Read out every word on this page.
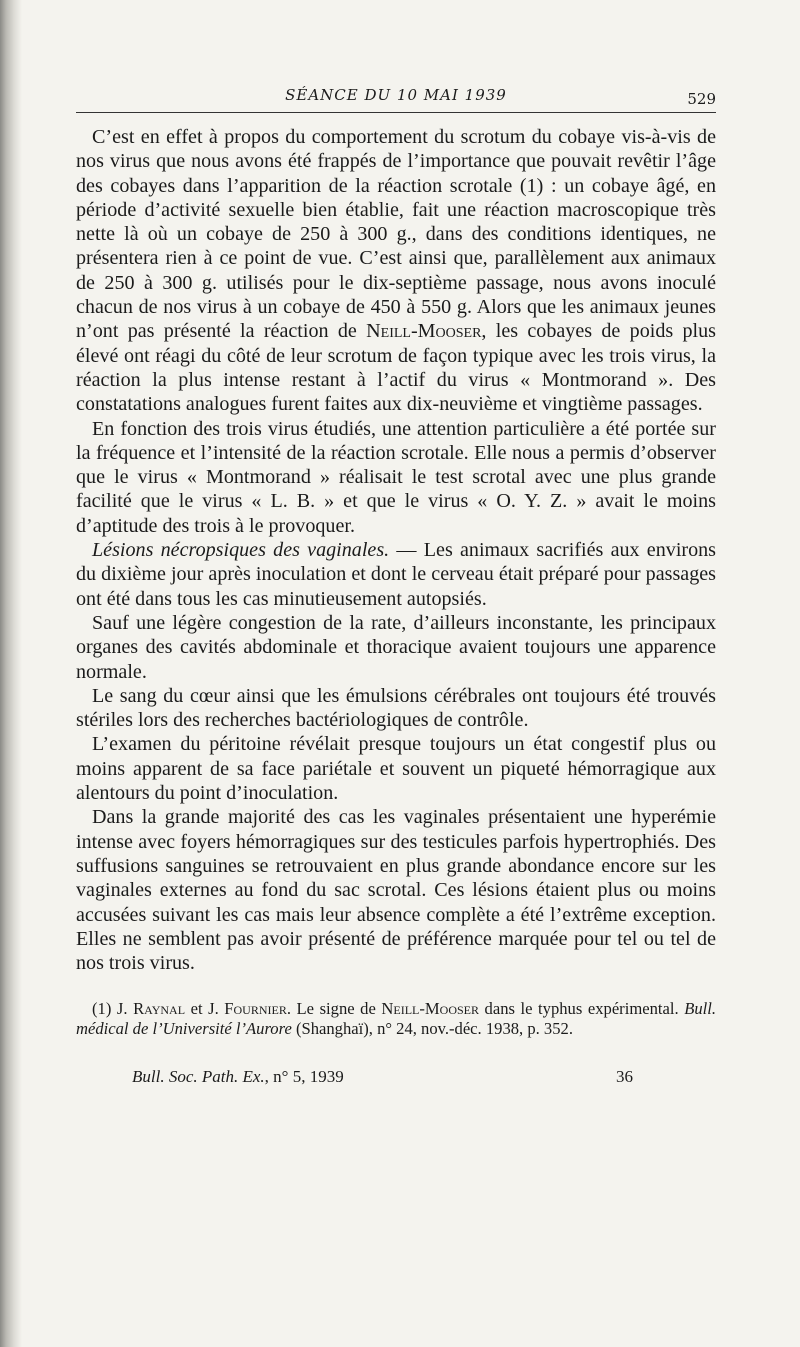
SÉANCE DU 10 MAI 1939	529

C’est en effet à propos du comportement du scrotum du cobaye vis-à-vis de nos virus que nous avons été frappés de l’importance que pouvait revêtir l’âge des cobayes dans l’apparition de la réaction scrotale (1) : un cobaye âgé, en période d’activité sexuelle bien établie, fait une réaction macroscopique très nette là où un cobaye de 250 à 300 g., dans des conditions identiques, ne présentera rien à ce point de vue. C’est ainsi que, parallèlement aux animaux de 250 à 300 g. utilisés pour le dix-septième passage, nous avons inoculé chacun de nos virus à un cobaye de 450 à 550 g. Alors que les animaux jeunes n’ont pas présenté la réaction de Neill-Mooser, les cobayes de poids plus élevé ont réagi du côté de leur scrotum de façon typique avec les trois virus, la réaction la plus intense restant à l’actif du virus « Montmorand ». Des constatations analogues furent faites aux dix-neuvième et vingtième passages.

En fonction des trois virus étudiés, une attention particulière a été portée sur la fréquence et l’intensité de la réaction scrotale. Elle nous a permis d’observer que le virus « Montmorand » réalisait le test scrotal avec une plus grande facilité que le virus « L. B. » et que le virus « O. Y. Z. » avait le moins d’aptitude des trois à le provoquer.

Lésions nécropsiques des vaginales. — Les animaux sacrifiés aux environs du dixième jour après inoculation et dont le cerveau était préparé pour passages ont été dans tous les cas minutieusement autopsiés.

Sauf une légère congestion de la rate, d’ailleurs inconstante, les principaux organes des cavités abdominale et thoracique avaient toujours une apparence normale.

Le sang du cœur ainsi que les émulsions cérébrales ont toujours été trouvés stériles lors des recherches bactériologiques de contrôle.

L’examen du péritoine révélait presque toujours un état congestif plus ou moins apparent de sa face pariétale et souvent un piqueté hémorragique aux alentours du point d’inoculation.

Dans la grande majorité des cas les vaginales présentaient une hyperémie intense avec foyers hémorragiques sur des testicules parfois hypertrophiés. Des suffusions sanguines se retrouvaient en plus grande abondance encore sur les vaginales externes au fond du sac scrotal. Ces lésions étaient plus ou moins accusées suivant les cas mais leur absence complète a été l’extrême exception. Elles ne semblent pas avoir présenté de préférence marquée pour tel ou tel de nos trois virus.

(1) J. Raynal et J. Fournier. Le signe de Neill-Mooser dans le typhus expérimental. Bull. médical de l’Université l’Aurore (Shanghaï), n° 24, nov.-déc. 1938, p. 352.

Bull. Soc. Path. Ex., n° 5, 1939	36
